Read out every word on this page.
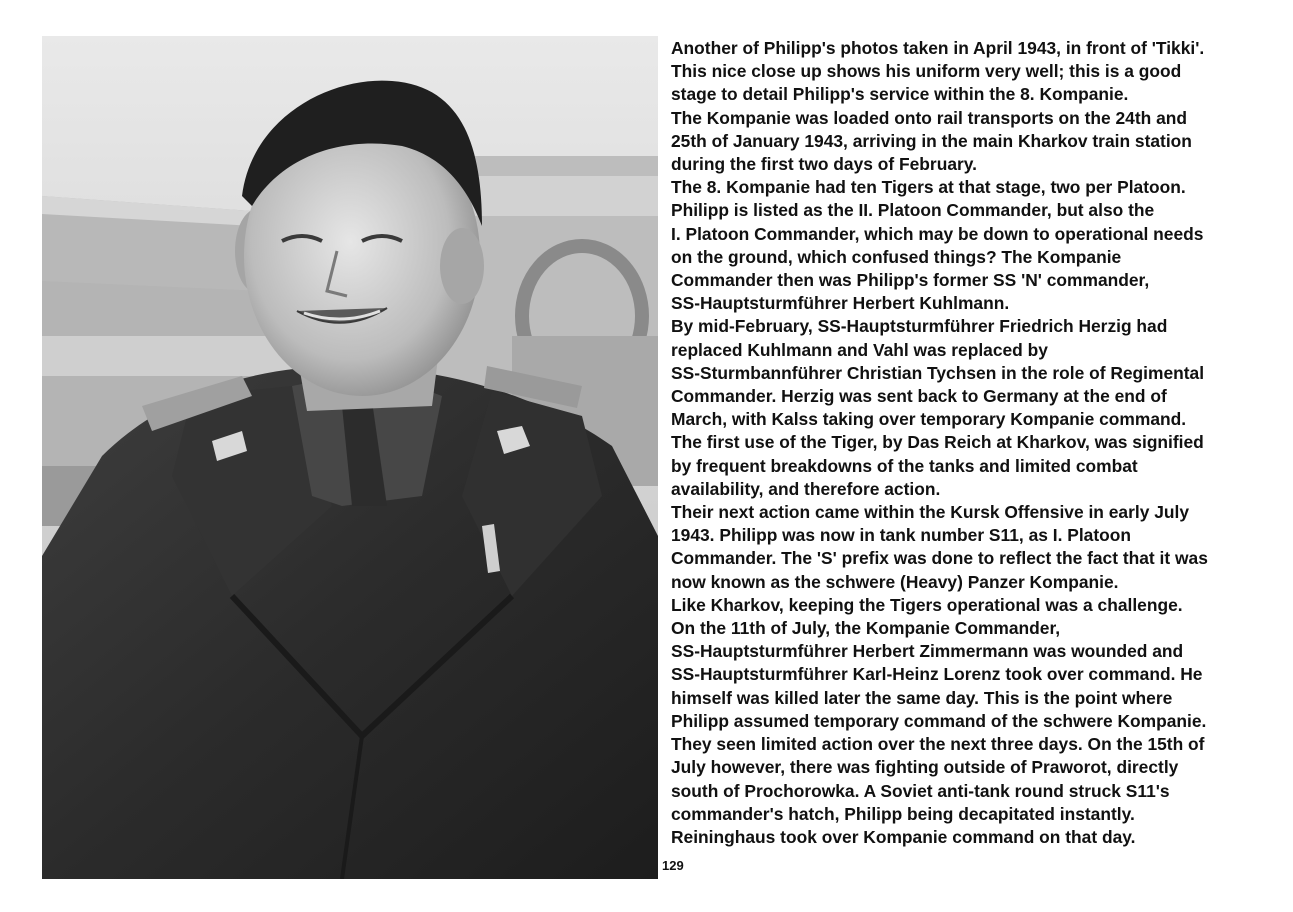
Another of Philipp's photos taken in April 1943, in front of 'Tikki'.
This nice close up shows his uniform very well; this is a good
stage to detail Philipp's service within the 8. Kompanie.
The Kompanie was loaded onto rail transports on the 24th and
25th of January 1943, arriving in the main Kharkov train station
during the first two days of February.
The 8. Kompanie had ten Tigers at that stage, two per Platoon.
Philipp is listed as the II. Platoon Commander, but also the
I. Platoon Commander, which may be down to operational needs
on the ground, which confused things? The Kompanie
Commander then was Philipp's former SS 'N' commander,
SS-Hauptsturmführer Herbert Kuhlmann.
By mid-February, SS-Hauptsturmführer Friedrich Herzig had
replaced Kuhlmann and Vahl was replaced by
SS-Sturmbannführer Christian Tychsen in the role of Regimental
Commander. Herzig was sent back to Germany at the end of
March, with Kalss taking over temporary Kompanie command.
The first use of the Tiger, by Das Reich at Kharkov, was signified
by frequent breakdowns of the tanks and limited combat
availability, and therefore action.
Their next action came within the Kursk Offensive in early July
1943. Philipp was now in tank number S11, as I. Platoon
Commander. The 'S' prefix was done to reflect the fact that it was
now known as the schwere (Heavy) Panzer Kompanie.
Like Kharkov, keeping the Tigers operational was a challenge.
On the 11th of July, the Kompanie Commander,
SS-Hauptsturmführer Herbert Zimmermann was wounded and
SS-Hauptsturmführer Karl-Heinz Lorenz took over command. He
himself was killed later the same day. This is the point where
Philipp assumed temporary command of the schwere Kompanie.
They seen limited action over the next three days. On the 15th of
July however, there was fighting outside of Praworot, directly
south of Prochorowka. A Soviet anti-tank round struck S11's
commander's hatch, Philipp being decapitated instantly.
Reininghaus took over Kompanie command on that day.
129
